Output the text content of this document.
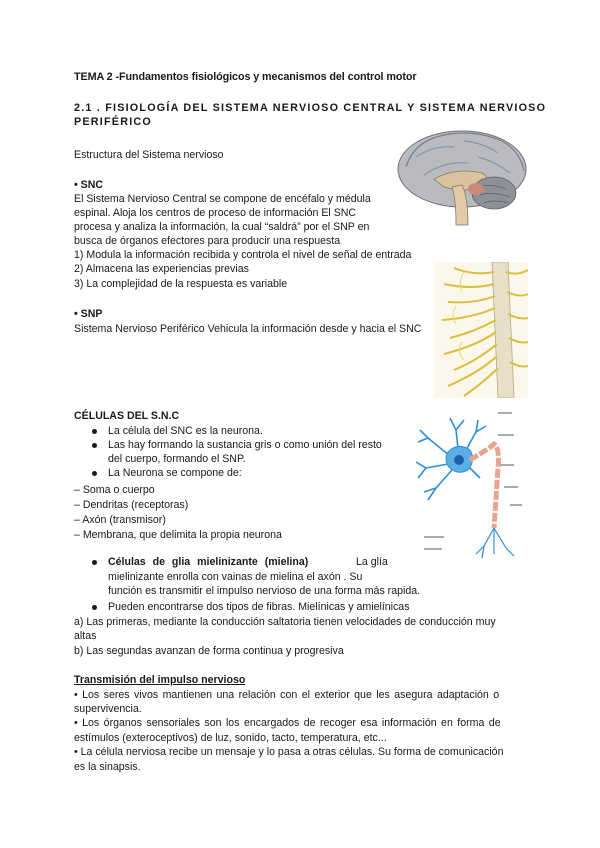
TEMA 2 -Fundamentos fisiológicos y mecanismos del control motor
2.1 . FISIOLOGÍA DEL SISTEMA NERVIOSO CENTRAL Y SISTEMA NERVIOSO
PERIFÉRICO
Estructura del Sistema nervioso
• SNC
El Sistema Nervioso Central se compone de encéfalo y médula
espinal. Aloja los centros de proceso de información El SNC
procesa y analiza la información, la cual “saldrá” por el SNP en
busca de órganos efectores para producir una respuesta
1) Modula la información recibida y controla el nivel de señal de entrada
2) Almacena las experiencias previas
3) La complejidad de la respuesta es variable
• SNP
Sistema Nervioso Periférico Vehicula la información desde y hacia el SNC
CÉLULAS DEL S.N.C
La célula del SNC es la neurona.
Las hay formando la sustancia gris o como unión del resto
del cuerpo, formando el SNP.
La Neurona se compone de:
– Soma o cuerpo
– Dendritas (receptoras)
– Axón (transmisor)
– Membrana, que delimita la propia neurona
Células de glia mielinizante (mielina)	La glía
mielinizante enrolla con vainas de mielina el axón . Su
función es transmitir el impulso nervioso de una forma más rapida.
Pueden encontrarse dos tipos de fibras. Mielínicas y amielínicas
a) Las primeras, mediante la conducción saltatoria tienen velocidades de conducción muy
altas
b) Las segundas avanzan de forma continua y progresiva
Transmisión del impulso nervioso
• Los seres vivos mantienen una relación con el exterior que les asegura adaptación o
supervivencia.
• Los órganos sensoriales son los encargados de recoger esa información en forma de
estímulos (exteroceptivos) de luz, sonido, tacto, temperatura, etc...
• La célula nerviosa recibe un mensaje y lo pasa a otras células. Su forma de comunicación
es la sinapsis.
